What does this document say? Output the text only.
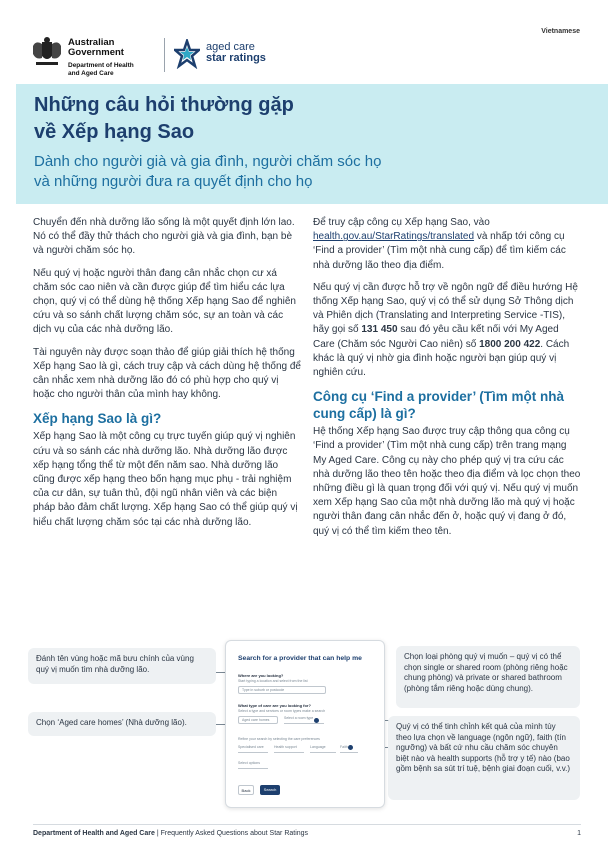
Australian Government
Department of Health
and Aged Care
aged care
star ratings
Vietnamese
Những câu hỏi thường gặp
về Xếp hạng Sao
Dành cho người già và gia đình, người chăm sóc họ
và những người đưa ra quyết định cho họ

Chuyển đến nhà dưỡng lão sống là một quyết định lớn lao. Nó có thể đầy thử thách cho người già và gia đình, bạn bè và người chăm sóc họ.

Nếu quý vị hoặc người thân đang cân nhắc chọn cư xá chăm sóc cao niên và cần được giúp để tìm hiểu các lựa chọn, quý vị có thể dùng hệ thống Xếp hạng Sao để nghiên cứu và so sánh chất lượng chăm sóc, sự an toàn và các dịch vụ của các nhà dưỡng lão.

Tài nguyên này được soạn thảo để giúp giải thích hệ thống Xếp hạng Sao là gì, cách truy cập và cách dùng hệ thống để cân nhắc xem nhà dưỡng lão đó có phù hợp cho quý vị hoặc cho người thân của mình hay không.

Xếp hạng Sao là gì?

Xếp hạng Sao là một công cụ trực tuyến giúp quý vị nghiên cứu và so sánh các nhà dưỡng lão. Nhà dưỡng lão được xếp hạng tổng thể từ một đến năm sao. Nhà dưỡng lão cũng được xếp hạng theo bốn hạng mục phụ - trải nghiệm của cư dân, sự tuân thủ, đội ngũ nhân viên và các biện pháp bảo đảm chất lượng. Xếp hạng Sao có thể giúp quý vị hiểu chất lượng chăm sóc tại các nhà dưỡng lão.

Để truy cập công cụ Xếp hạng Sao, vào health.gov.au/StarRatings/translated và nhấp tới công cụ ‘Find a provider’ (Tìm một nhà cung cấp) để tìm kiếm các nhà dưỡng lão theo địa điểm.

Nếu quý vị cần được hỗ trợ về ngôn ngữ để điều hướng Hệ thống Xếp hạng Sao, quý vị có thể sử dụng Sở Thông dịch và Phiên dịch (Translating and Interpreting Service -TIS), hãy gọi số 131 450 sau đó yêu cầu kết nối với My Aged Care (Chăm sóc Người Cao niên) số 1800 200 422. Cách khác là quý vị nhờ gia đình hoặc người bạn giúp quý vị nghiên cứu.

Công cụ ‘Find a provider’ (Tìm một nhà cung cấp) là gì?

Hệ thống Xếp hạng Sao được truy cập thông qua công cụ ‘Find a provider’ (Tìm một nhà cung cấp) trên trang mạng My Aged Care. Công cụ này cho phép quý vị tra cứu các nhà dưỡng lão theo tên hoặc theo địa điểm và lọc chọn theo những điều gì là quan trọng đối với quý vị. Nếu quý vị muốn xem Xếp hạng Sao của một nhà dưỡng lão mà quý vị hoặc người thân đang cân nhắc đến ở, hoặc quý vị đang ở đó, quý vị có thể tìm kiếm theo tên.

Đánh tên vùng hoặc mã bưu chính của vùng quý vị muốn tìm nhà dưỡng lão.
Chọn ‘Aged care homes’ (Nhà dưỡng lão).
Chọn loại phòng quý vị muốn – quý vị có thể chọn single or shared room (phòng riêng hoặc chung phòng) và private or shared bathroom (phòng tắm riêng hoặc dùng chung).
Quý vị có thể tinh chỉnh kết quả của mình tùy theo lựa chọn về language (ngôn ngữ), faith (tín ngưỡng) và bất cứ nhu cầu chăm sóc chuyên biệt nào và health supports (hỗ trợ y tế) nào (bao gồm bệnh sa sút trí tuệ, bệnh giai đoạn cuối, v.v.)
Search for a provider that can help me
Where are you looking?
Start typing a location and select from the list
Type in suburb or postcode
What type of care are you looking for?
Select a type and services or room types make a search
Aged care homes	Select a room type
Refine your search by selecting the care preferences
Specialised care	Health support	Language	Faith
Select options
Back	Search
Department of Health and Aged Care | Frequently Asked Questions about Star Ratings	1
